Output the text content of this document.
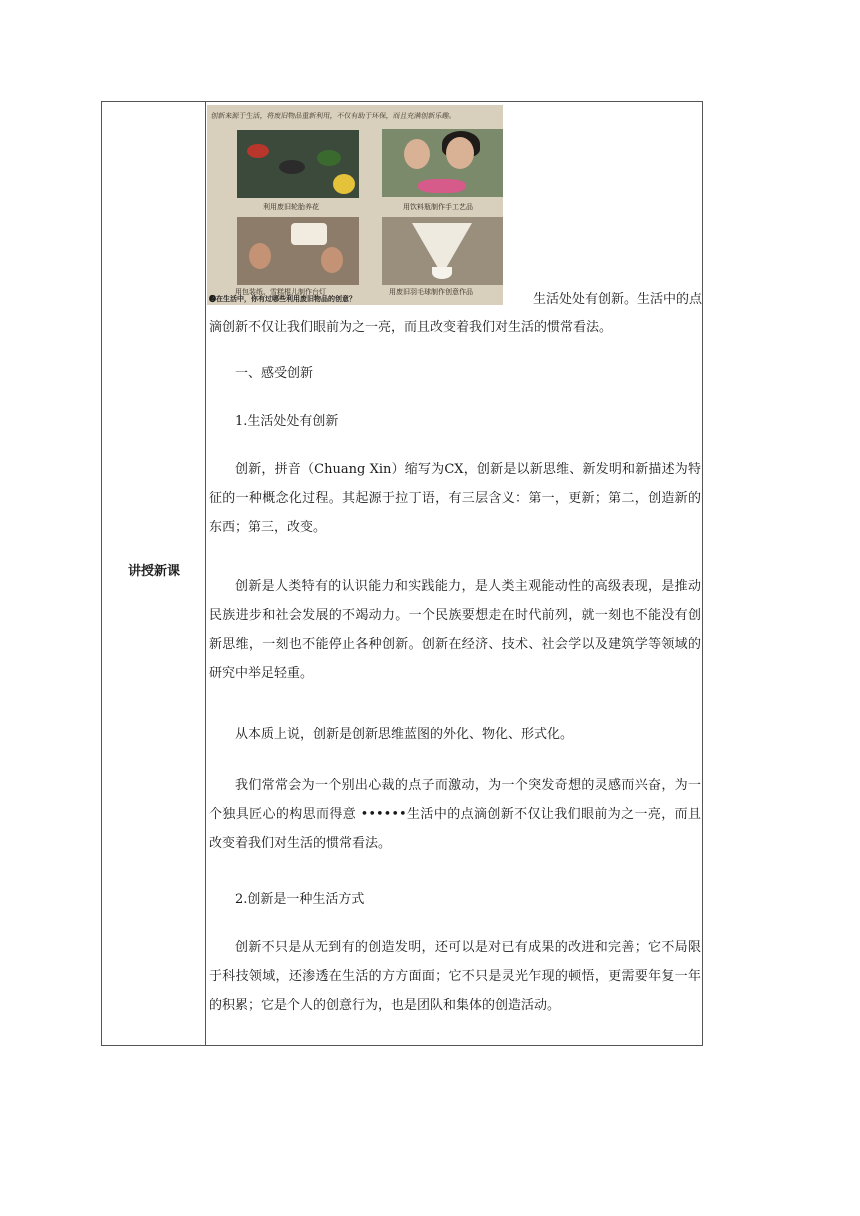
讲授新课
创新来源于生活，将废旧物品重新利用，不仅有助于环保，而且充满创新乐趣。
利用废旧轮胎养花	用饮料瓶制作手工艺品
用包装纸、雪糕棍儿制作台灯	用废旧羽毛球制作创意作品
❷在生活中，你有过哪些利用废旧物品的创意？	生活处处有创新。生活中的点

滴创新不仅让我们眼前为之一亮，而且改变着我们对生活的惯常看法。

一、感受创新

1.生活处处有创新

创新，拼音（Chuang Xin）缩写为CX，创新是以新思维、新发明和新描述为特征的一种概念化过程。其起源于拉丁语，有三层含义：第一，更新；第二，创造新的东西；第三，改变。

创新是人类特有的认识能力和实践能力，是人类主观能动性的高级表现，是推动民族进步和社会发展的不竭动力。一个民族要想走在时代前列，就一刻也不能没有创新思维，一刻也不能停止各种创新。创新在经济、技术、社会学以及建筑学等领域的研究中举足轻重。

从本质上说，创新是创新思维蓝图的外化、物化、形式化。

我们常常会为一个别出心裁的点子而激动，为一个突发奇想的灵感而兴奋，为一个独具匠心的构思而得意 ••••••生活中的点滴创新不仅让我们眼前为之一亮，而且改变着我们对生活的惯常看法。

2.创新是一种生活方式

创新不只是从无到有的创造发明，还可以是对已有成果的改进和完善；它不局限于科技领域，还渗透在生活的方方面面；它不只是灵光乍现的顿悟，更需要年复一年的积累；它是个人的创意行为，也是团队和集体的创造活动。
